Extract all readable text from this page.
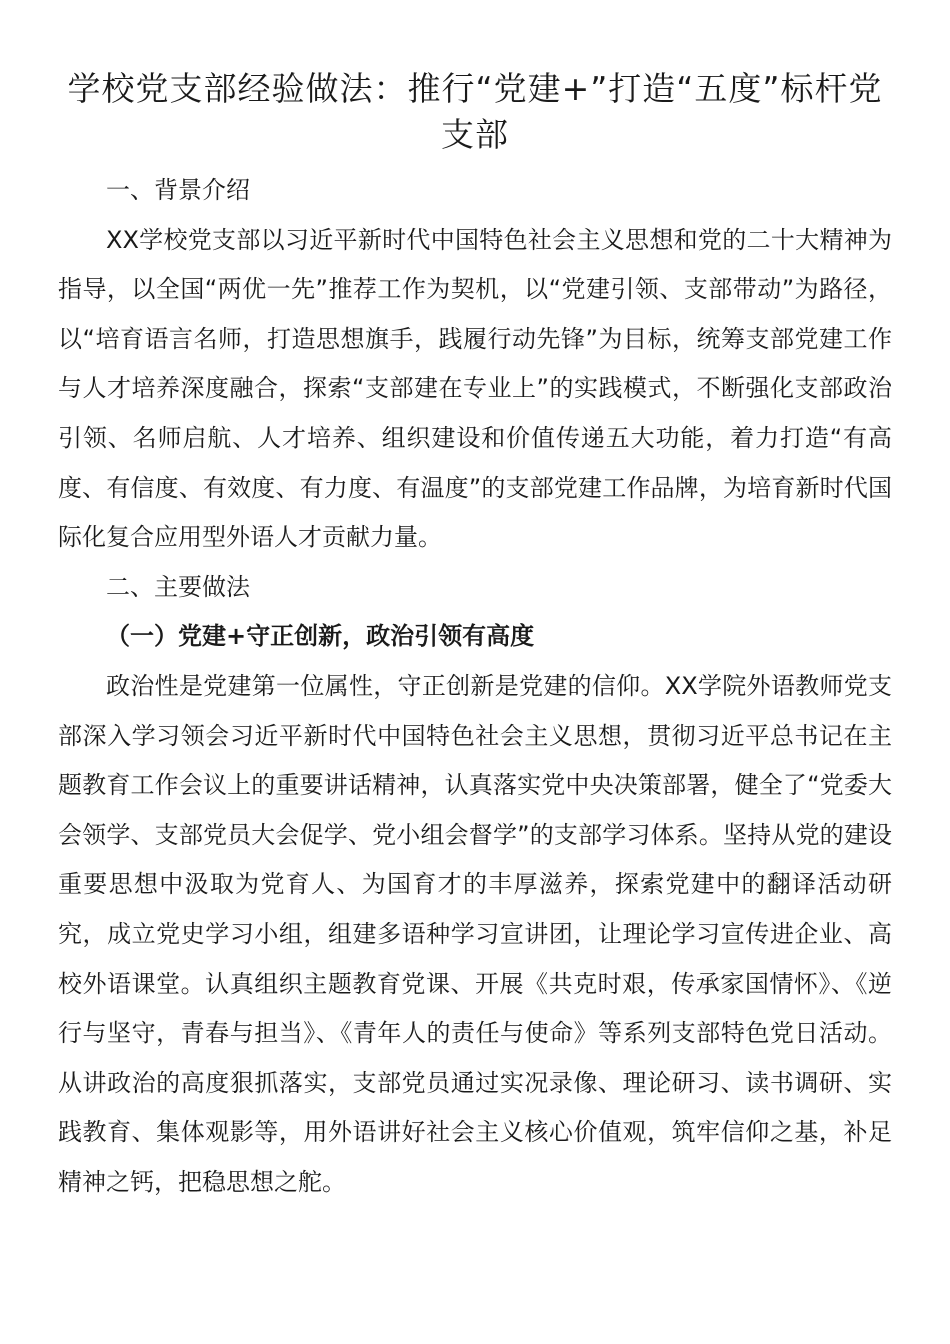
学校党支部经验做法：推行“党建+”打造“五度”标杆党支部
一、背景介绍

XX学校党支部以习近平新时代中国特色社会主义思想和党的二十大精神为指导，以全国“两优一先”推荐工作为契机，以“党建引领、支部带动”为路径，以“培育语言名师，打造思想旗手，践履行动先锋”为目标，统筹支部党建工作与人才培养深度融合，探索“支部建在专业上”的实践模式，不断强化支部政治引领、名师启航、人才培养、组织建设和价值传递五大功能，着力打造“有高度、有信度、有效度、有力度、有温度”的支部党建工作品牌，为培育新时代国际化复合应用型外语人才贡献力量。

二、主要做法
（一）党建+守正创新，政治引领有高度

政治性是党建第一位属性，守正创新是党建的信仰。XX学院外语教师党支部深入学习领会习近平新时代中国特色社会主义思想，贯彻习近平总书记在主题教育工作会议上的重要讲话精神，认真落实党中央决策部署，健全了“党委大会领学、支部党员大会促学、党小组会督学”的支部学习体系。坚持从党的建设重要思想中汲取为党育人、为国育才的丰厚滋养，探索党建中的翻译活动研究，成立党史学习小组，组建多语种学习宣讲团，让理论学习宣传进企业、高校外语课堂。认真组织主题教育党课、开展《共克时艰，传承家国情怀》、《逆行与坚守，青春与担当》、《青年人的责任与使命》等系列支部特色党日活动。从讲政治的高度狠抓落实，支部党员通过实况录像、理论研习、读书调研、实践教育、集体观影等，用外语讲好社会主义核心价值观，筑牢信仰之基，补足精神之钙，把稳思想之舵。
